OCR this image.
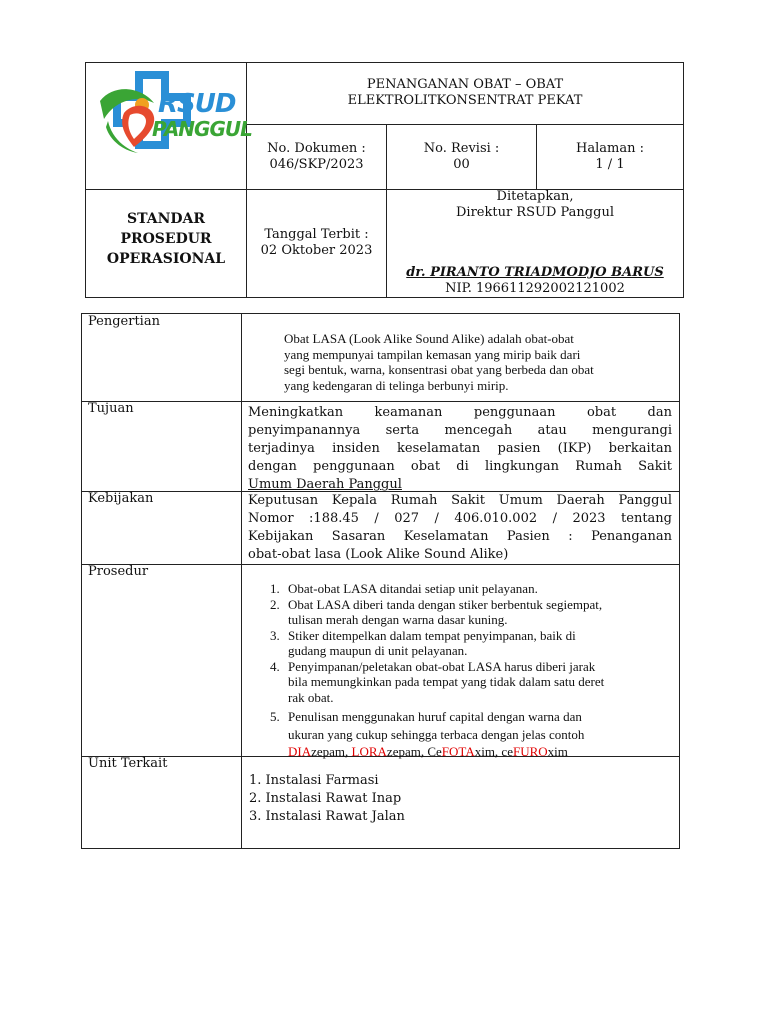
RSUD
PANGGUL
PENANGANAN OBAT – OBAT
ELEKTROLITKONSENTRAT PEKAT
No. Dokumen :
046/SKP/2023
No. Revisi :
00
Halaman :
1 / 1
STANDAR
PROSEDUR
OPERASIONAL
Tanggal Terbit :
02 Oktober 2023
Ditetapkan,
Direktur RSUD Panggul
dr. PIRANTO TRIADMODJO BARUS
NIP. 196611292002121002
Pengertian
Obat LASA (Look Alike Sound Alike) adalah obat-obat
yang mempunyai tampilan kemasan yang mirip baik dari
segi bentuk, warna, konsentrasi obat yang berbeda dan obat
yang kedengaran di telinga berbunyi mirip.
Tujuan	Meningkatkan keamanan penggunaan obat dan
penyimpanannya serta mencegah atau mengurangi
terjadinya insiden keselamatan pasien (IKP) berkaitan
dengan penggunaan obat di lingkungan Rumah Sakit
Umum Daerah Panggul
Kebijakan	Keputusan Kepala Rumah Sakit Umum Daerah Panggul
Nomor :188.45 / 027 / 406.010.002 / 2023 tentang
Kebijakan Sasaran Keselamatan Pasien : Penanganan
obat-obat lasa (Look Alike Sound Alike)
Prosedur
1. Obat-obat LASA ditandai setiap unit pelayanan.
2. Obat LASA diberi tanda dengan stiker berbentuk segiempat,
tulisan merah dengan warna dasar kuning.
3. Stiker ditempelkan dalam tempat penyimpanan, baik di
gudang maupun di unit pelayanan.
4. Penyimpanan/peletakan obat-obat LASA harus diberi jarak
bila memungkinkan pada tempat yang tidak dalam satu deret
rak obat.
5. Penulisan menggunakan huruf capital dengan warna dan
ukuran yang cukup sehingga terbaca dengan jelas contoh
DIAzepam, LORAzepam, CeFOTAxim, ceFUROxim
Unit Terkait
1. Instalasi Farmasi
2. Instalasi Rawat Inap
3. Instalasi Rawat Jalan
